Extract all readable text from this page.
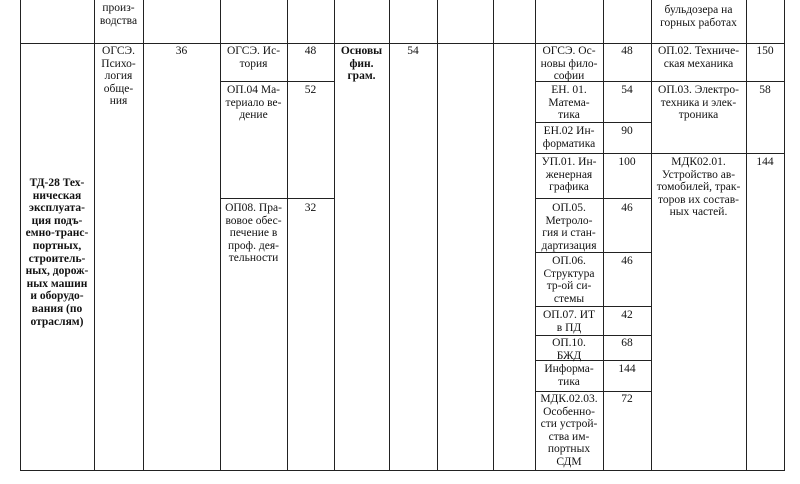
произ-
водства
бульдозера на
горных работах
ТД-28 Тех-
ническая
эксплуата-
ция подъ-
емно-транс-
портных,
строитель-
ных, дорож-
ных машин
и оборудо-
вания (по
отраслям)
ОГСЭ.
Психо-
логия
обще-
ния
36	ОГСЭ. Ис-
тория
48
ОП.04 Ма-
териало ве-
дение
52
ОП08. Пра-
вовое обес-
печение в
проф. дея-
тельности
32
Основы
фин.
грам.
54	ОГСЭ. Ос-
новы фило-
софии
48
ЕН. 01.
Матема-
тика
54
ЕН.02 Ин-
форматика
90
УП.01. Ин-
женерная
графика
100
ОП.05.
Метроло-
гия и стан-
дартизация
46
ОП.06.
Структура
тр-ой си-
стемы
46
ОП.07. ИТ
в ПД
42
ОП.10.
БЖД
68
Информа-
тика
144
МДК.02.03.
Особенно-
сти устрой-
ства им-
портных
СДМ
72
ОП.02. Техниче-
ская механика
150
ОП.03. Электро-
техника и элек-
троника
58
МДК02.01.
Устройство ав-
томобилей, трак-
торов их состав-
ных частей.
144
